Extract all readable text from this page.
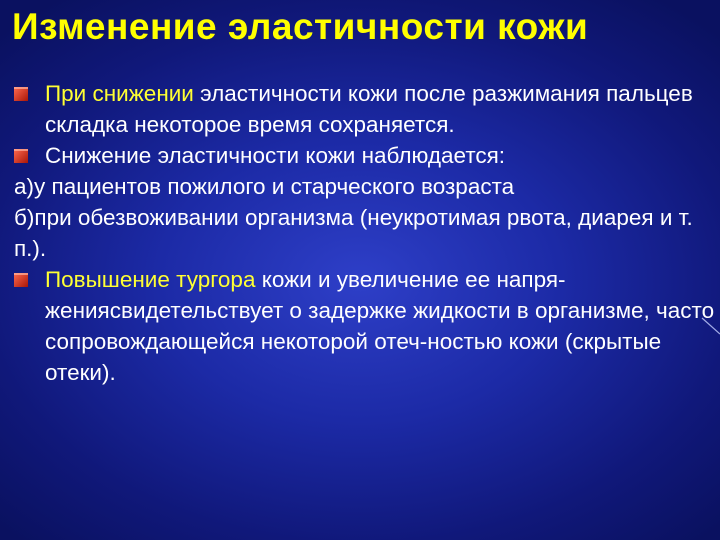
Изменение эластичности кожи
При снижении эластичности кожи после разжимания пальцев складка некоторое время сохраняется.
Снижение эластичности кожи наблюдается:
а)у пациентов пожилого и старческого возраста
б)при обезвоживании организма (неукротимая рвота, диарея и т. п.).
Повышение тургора кожи и увеличение ее напря-жениясвидетельствует о задержке жидкости в организме, часто сопровождающейся некоторой отеч-ностью кожи (скрытые отеки).
